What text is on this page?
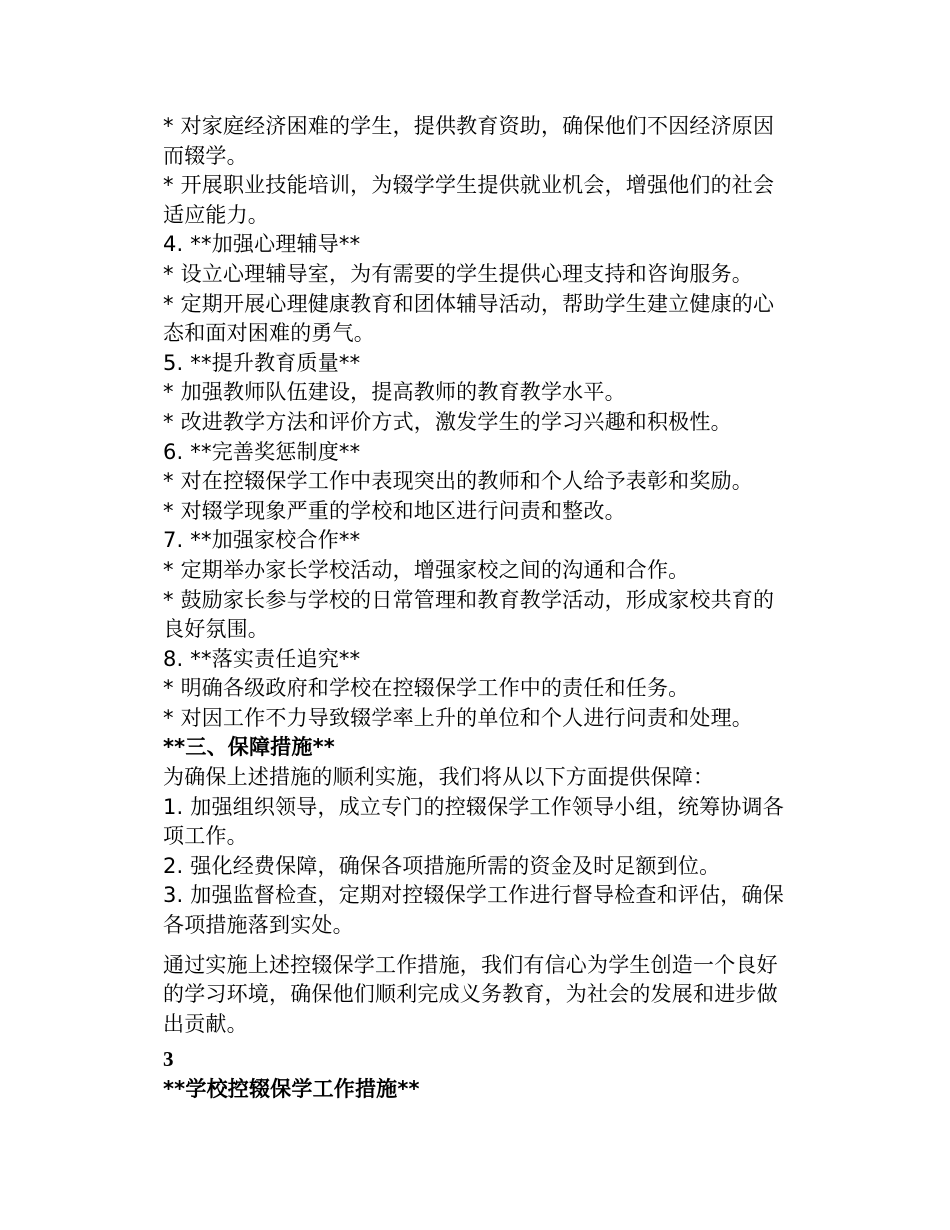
* 对家庭经济困难的学生，提供教育资助，确保他们不因经济原因而辍学。

* 开展职业技能培训，为辍学学生提供就业机会，增强他们的社会适应能力。

4. **加强心理辅导**

* 设立心理辅导室，为有需要的学生提供心理支持和咨询服务。

* 定期开展心理健康教育和团体辅导活动，帮助学生建立健康的心态和面对困难的勇气。

5. **提升教育质量**

* 加强教师队伍建设，提高教师的教育教学水平。

* 改进教学方法和评价方式，激发学生的学习兴趣和积极性。

6. **完善奖惩制度**

* 对在控辍保学工作中表现突出的教师和个人给予表彰和奖励。

* 对辍学现象严重的学校和地区进行问责和整改。

7. **加强家校合作**

* 定期举办家长学校活动，增强家校之间的沟通和合作。

* 鼓励家长参与学校的日常管理和教育教学活动，形成家校共育的良好氛围。

8. **落实责任追究**

* 明确各级政府和学校在控辍保学工作中的责任和任务。

* 对因工作不力导致辍学率上升的单位和个人进行问责和处理。

**三、保障措施**

为确保上述措施的顺利实施，我们将从以下方面提供保障：

1. 加强组织领导，成立专门的控辍保学工作领导小组，统筹协调各项工作。

2. 强化经费保障，确保各项措施所需的资金及时足额到位。

3. 加强监督检查，定期对控辍保学工作进行督导检查和评估，确保各项措施落到实处。

通过实施上述控辍保学工作措施，我们有信心为学生创造一个良好的学习环境，确保他们顺利完成义务教育，为社会的发展和进步做出贡献。

3

**学校控辍保学工作措施**
